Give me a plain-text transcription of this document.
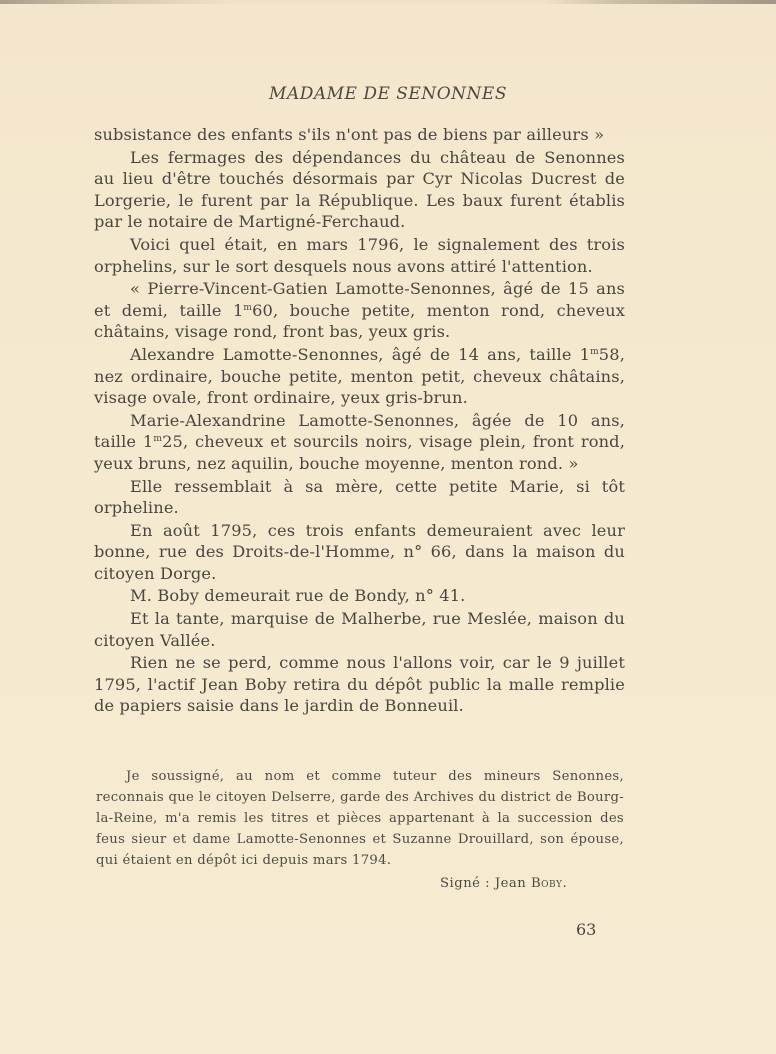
MADAME DE SENONNES

subsistance des enfants s'ils n'ont pas de biens par ailleurs »

Les fermages des dépendances du château de Senonnes au lieu d'être touchés désormais par Cyr Nicolas Ducrest de Lorgerie, le furent par la République. Les baux furent établis par le notaire de Martigné-Ferchaud.

Voici quel était, en mars 1796, le signalement des trois orphelins, sur le sort desquels nous avons attiré l'attention.

« Pierre-Vincent-Gatien Lamotte-Senonnes, âgé de 15 ans et demi, taille 1$^m$60, bouche petite, menton rond, cheveux châtains, visage rond, front bas, yeux gris.

Alexandre Lamotte-Senonnes, âgé de 14 ans, taille 1$^m$58, nez ordinaire, bouche petite, menton petit, cheveux châtains, visage ovale, front ordinaire, yeux gris-brun.

Marie-Alexandrine Lamotte-Senonnes, âgée de 10 ans, taille 1$^m$25, cheveux et sourcils noirs, visage plein, front rond, yeux bruns, nez aquilin, bouche moyenne, menton rond. »

Elle ressemblait à sa mère, cette petite Marie, si tôt orpheline.

En août 1795, ces trois enfants demeuraient avec leur bonne, rue des Droits-de-l'Homme, n° 66, dans la maison du citoyen Dorge.

M. Boby demeurait rue de Bondy, n° 41.

Et la tante, marquise de Malherbe, rue Meslée, maison du citoyen Vallée.

Rien ne se perd, comme nous l'allons voir, car le 9 juillet 1795, l'actif Jean Boby retira du dépôt public la malle remplie de papiers saisie dans le jardin de Bonneuil.

Je soussigné, au nom et comme tuteur des mineurs Senonnes, reconnais que le citoyen Delserre, garde des Archives du district de Bourg-la-Reine, m'a remis les titres et pièces appartenant à la succession des feus sieur et dame Lamotte-Senonnes et Suzanne Drouillard, son épouse, qui étaient en dépôt ici depuis mars 1794.

Signé : Jean Boby.
63
